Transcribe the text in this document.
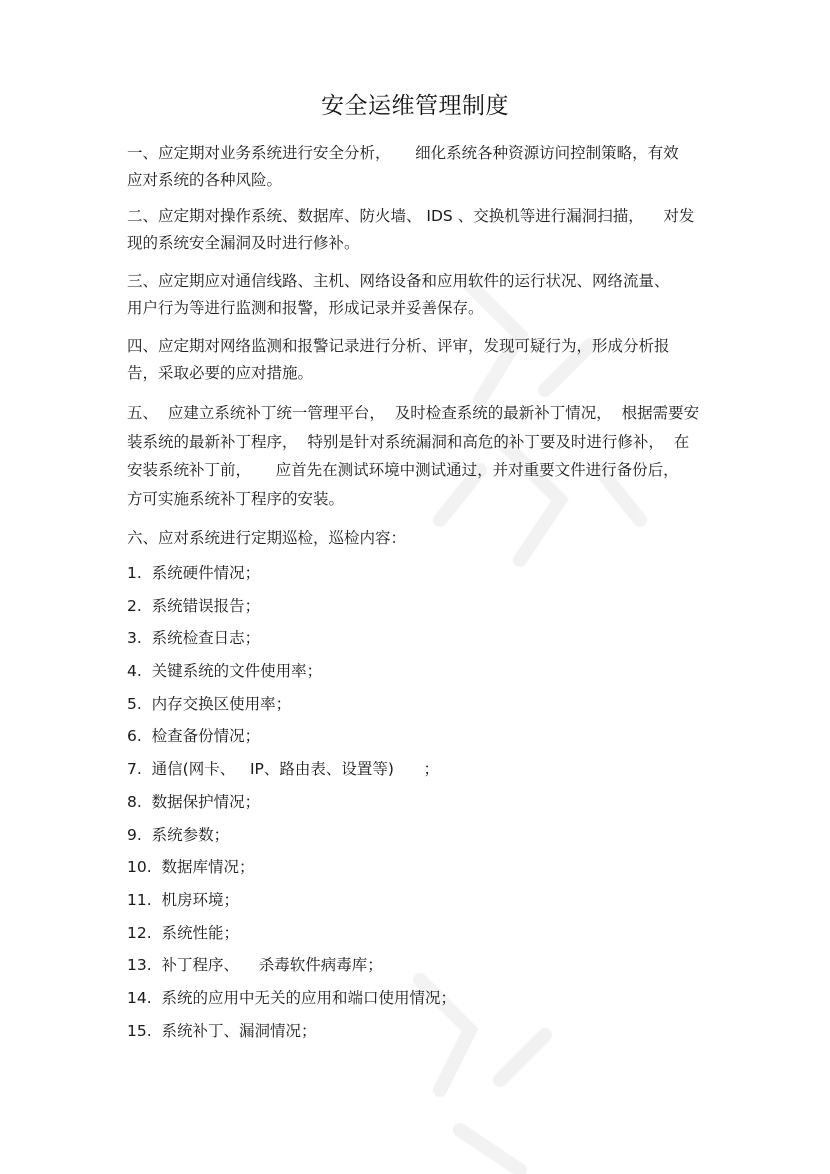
安全运维管理制度
一、应定期对业务系统进行安全分析，     细化系统各种资源访问控制策略，有效
应对系统的各种风险。
二、应定期对操作系统、数据库、防火墙、 IDS 、交换机等进行漏洞扫描，    对发
现的系统安全漏洞及时进行修补。
三、应定期应对通信线路、主机、网络设备和应用软件的运行状况、网络流量、
用户行为等进行监测和报警，形成记录并妥善保存。
四、应定期对网络监测和报警记录进行分析、评审，发现可疑行为，形成分析报
告，采取必要的应对措施。
五、  应建立系统补丁统一管理平台，  及时检查系统的最新补丁情况，  根据需要安
装系统的最新补丁程序，  特别是针对系统漏洞和高危的补丁要及时进行修补，  在
安装系统补丁前，     应首先在测试环境中测试通过，并对重要文件进行备份后，
方可实施系统补丁程序的安装。
六、应对系统进行定期巡检，巡检内容：
1.  系统硬件情况；
2.  系统错误报告；
3.  系统检查日志；
4.  关键系统的文件使用率；
5.  内存交换区使用率；
6.  检查备份情况；
7.  通信(网卡、   IP、路由表、设置等)      ；
8.  数据保护情况；
9.  系统参数；
10.  数据库情况；
11.  机房环境；
12.  系统性能；
13.  补丁程序、    杀毒软件病毒库；
14.  系统的应用中无关的应用和端口使用情况；
15.  系统补丁、漏洞情况；
